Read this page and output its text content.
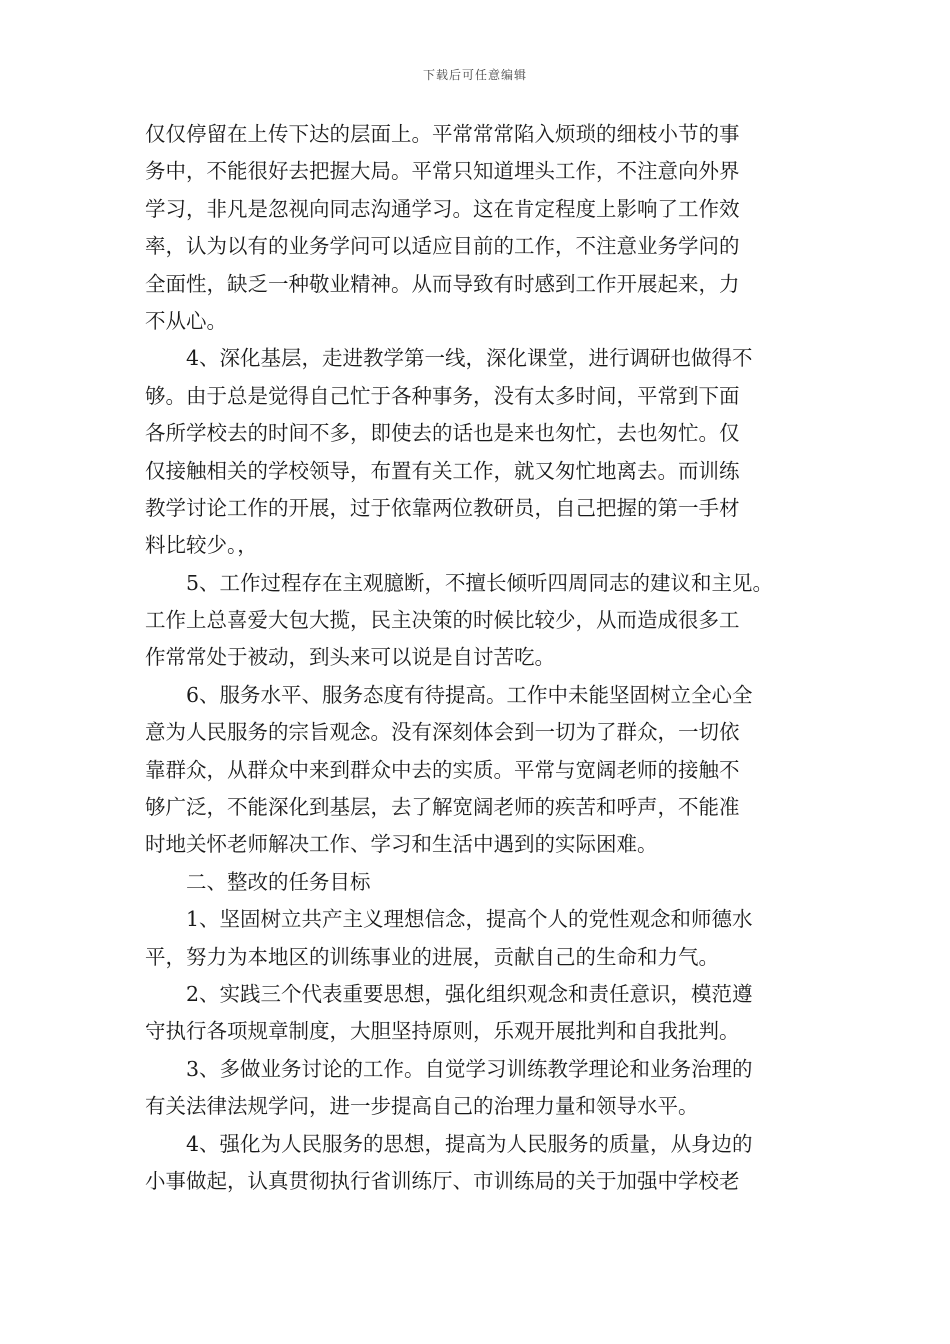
下载后可任意编辑
仅仅停留在上传下达的层面上。平常常常陷入烦琐的细枝小节的事
务中，不能很好去把握大局。平常只知道埋头工作，不注意向外界
学习，非凡是忽视向同志沟通学习。这在肯定程度上影响了工作效
率，认为以有的业务学问可以适应目前的工作，不注意业务学问的
全面性，缺乏一种敬业精神。从而导致有时感到工作开展起来，力
不从心。
4、深化基层，走进教学第一线，深化课堂，进行调研也做得不
够。由于总是觉得自己忙于各种事务，没有太多时间，平常到下面
各所学校去的时间不多，即使去的话也是来也匆忙，去也匆忙。仅
仅接触相关的学校领导，布置有关工作，就又匆忙地离去。而训练
教学讨论工作的开展，过于依靠两位教研员，自己把握的第一手材
料比较少。，
5、工作过程存在主观臆断，不擅长倾听四周同志的建议和主见。
工作上总喜爱大包大揽，民主决策的时候比较少，从而造成很多工
作常常处于被动，到头来可以说是自讨苦吃。
6、服务水平、服务态度有待提高。工作中未能坚固树立全心全
意为人民服务的宗旨观念。没有深刻体会到一切为了群众，一切依
靠群众，从群众中来到群众中去的实质。平常与宽阔老师的接触不
够广泛，不能深化到基层，去了解宽阔老师的疾苦和呼声，不能准
时地关怀老师解决工作、学习和生活中遇到的实际困难。
二、整改的任务目标
1、坚固树立共产主义理想信念，提高个人的党性观念和师德水
平，努力为本地区的训练事业的进展，贡献自己的生命和力气。
2、实践三个代表重要思想，强化组织观念和责任意识，模范遵
守执行各项规章制度，大胆坚持原则，乐观开展批判和自我批判。
3、多做业务讨论的工作。自觉学习训练教学理论和业务治理的
有关法律法规学问，进一步提高自己的治理力量和领导水平。
4、强化为人民服务的思想，提高为人民服务的质量，从身边的
小事做起，认真贯彻执行省训练厅、市训练局的关于加强中学校老
